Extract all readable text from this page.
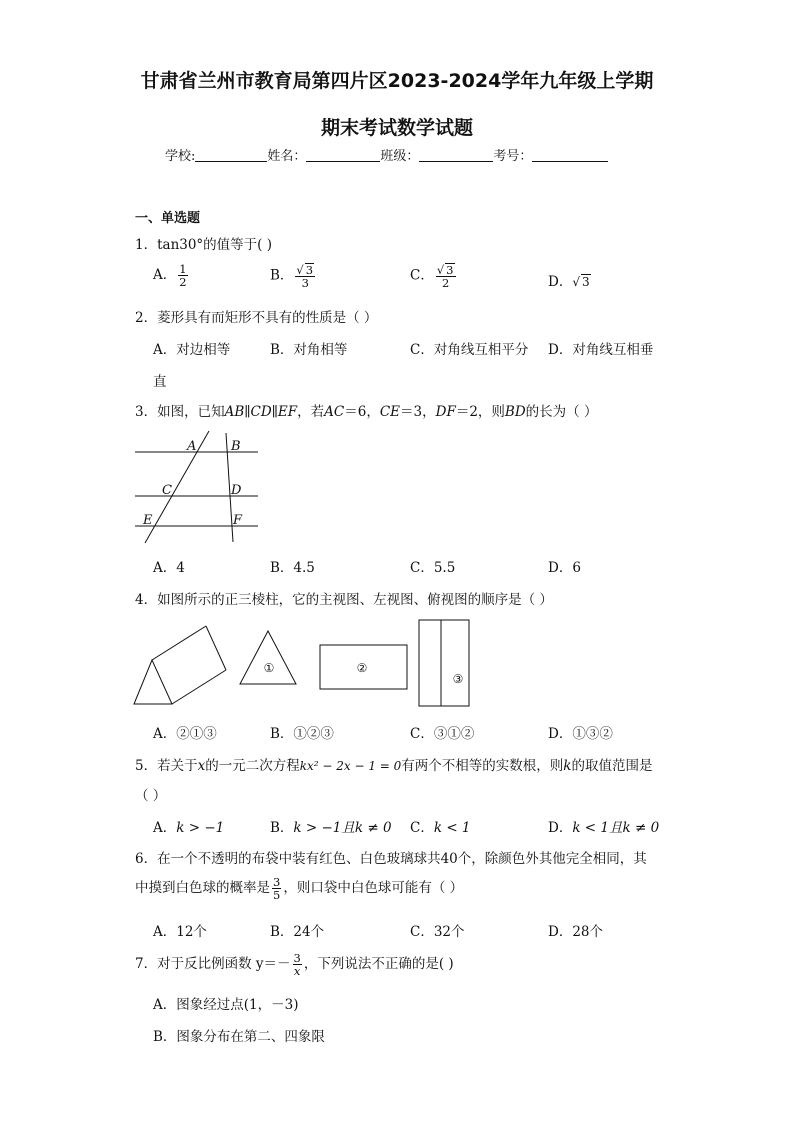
甘肃省兰州市教育局第四片区2023-2024学年九年级上学期
期末考试数学试题
学校:	姓名：	班级：	考号：
一、单选题
1．tan30°的值等于( )
A． $\frac{1}{2}$	B． $\frac{√ 3}{3}$	C． $\frac{√ 3}{2}$	D．√ 3
2．菱形具有而矩形不具有的性质是（ ）
A．对边相等	B．对角相等	C．对角线互相平分 D．对角线互相垂
直
3．如图，已知AB∥CD∥EF，若AC＝6，CE＝3，DF＝2，则BD的长为（ ）
A	B
C	D
E	F
A．4	B．4.5	C．5.5	D．6
4．如图所示的正三棱柱，它的主视图、左视图、俯视图的顺序是（ ）
①	②
③
A．②①③	B．①②③	C．③①②	D．①③②
5．若关于x的一元二次方程kx² − 2x − 1 = 0有两个不相等的实数根，则k的取值范围是
（ ）
A．k > −1	B．k > −1且k ≠ 0 C．k < 1	D．k < 1且k ≠ 0
6．在一个不透明的布袋中装有红色、白色玻璃球共40个，除颜色外其他完全相同，其
中摸到白色球的概率是 $\frac{3}{5}$ ，则口袋中白色球可能有（ ）
A．12个	B．24个	C．32个	D．28个
7．对于反比例函数 $y=- \frac{3}{x}$ ，下列说法不正确的是( )
A．图象经过点(1，－3)
B．图象分布在第二、四象限
